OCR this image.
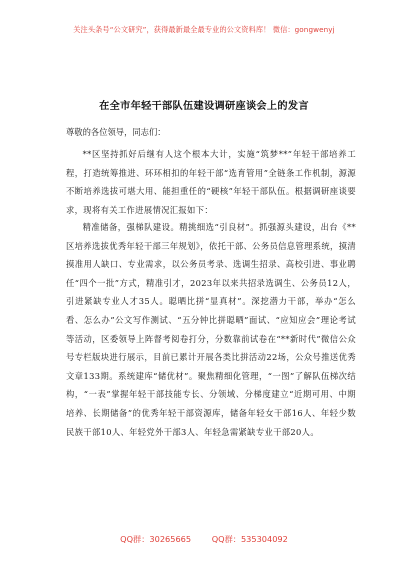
关注头条号“公文研究”，获得最新最全最专业的公文资料库！ 微信：gongwenyj
在全市年轻干部队伍建设调研座谈会上的发言
尊敬的各位领导，同志们：

**区坚持抓好后继有人这个根本大计，实施“筑梦**”年轻干部培养工程，打造统筹推进、环环相扣的年轻干部“选育管用”全链条工作机制，源源不断培养选拔可堪大用、能担重任的“硬核”年轻干部队伍。根据调研座谈要求，现将有关工作进展情况汇报如下：

精准储备，强梯队建设。精挑细选“引良材”。抓强源头建设，出台《**区培养选拔优秀年轻干部三年规划》，依托干部、公务员信息管理系统，摸清摸准用人缺口、专业需求，以公务员考录、选调生招录、高校引进、事业聘任“四个一批”方式，精准引才，2023年以来共招录选调生、公务员12人，引进紧缺专业人才35人。聪晒比拼“显真材”。深挖潜力干部，举办“怎么看、怎么办”公文写作测试、“五分钟比拼聪晒”面试、“应知应会”理论考试等活动，区委领导上阵督考阅卷打分，分数靠前试卷在“**新时代”微信公众号专栏版块进行展示，目前已累计开展各类比拼活动22场，公众号推送优秀文章133期。系统建库“储优材”。聚焦精细化管理，“一图”了解队伍梯次结构，“一表”掌握年轻干部技能专长、分领域、分梯度建立“近期可用、中期培养、长期储备”的优秀年轻干部资源库，储备年轻女干部16人、年轻少数民族干部10人、年轻党外干部3人、年轻急需紧缺专业干部20人。

QQ群：30265665	QQ群：535304092
